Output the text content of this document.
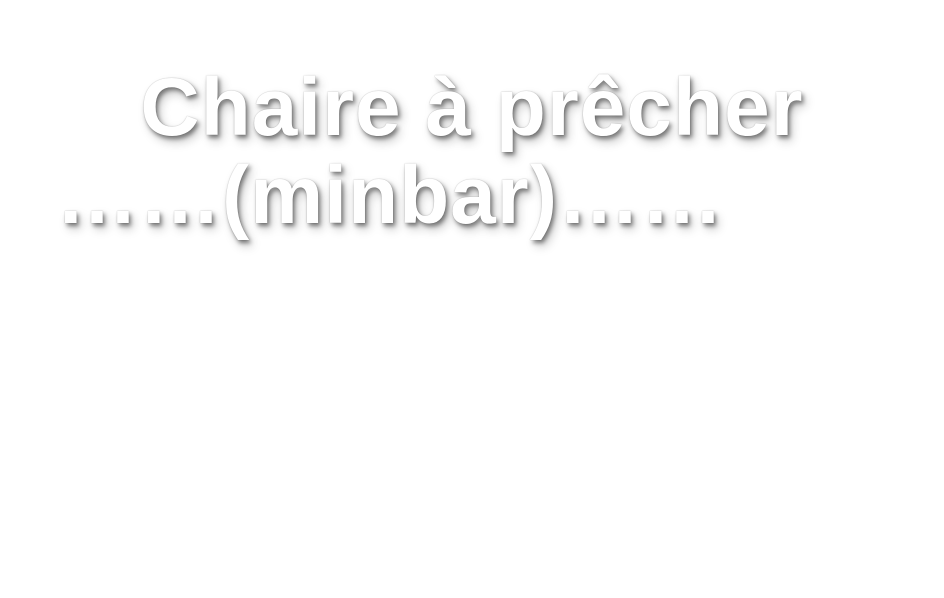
Chaire à prêcher
……(minbar)……
